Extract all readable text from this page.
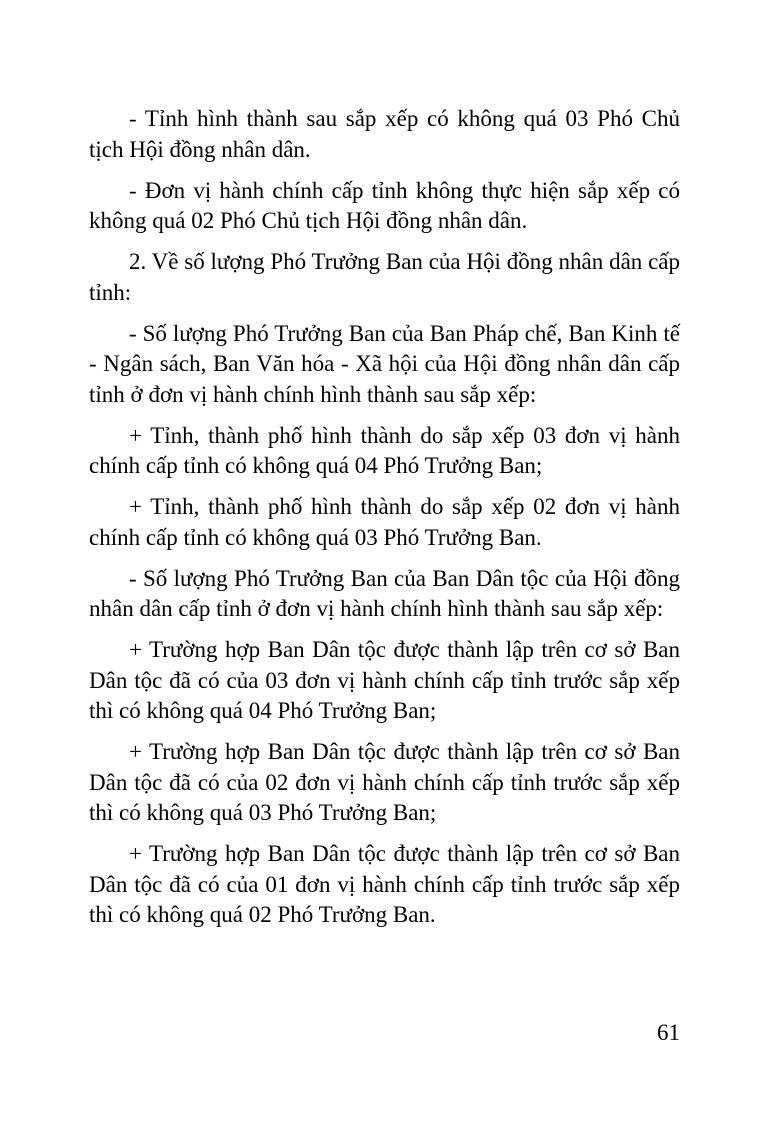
- Tỉnh hình thành sau sắp xếp có không quá 03 Phó Chủ tịch Hội đồng nhân dân.

- Đơn vị hành chính cấp tỉnh không thực hiện sắp xếp có không quá 02 Phó Chủ tịch Hội đồng nhân dân.

2. Về số lượng Phó Trưởng Ban của Hội đồng nhân dân cấp tỉnh:

- Số lượng Phó Trưởng Ban của Ban Pháp chế, Ban Kinh tế - Ngân sách, Ban Văn hóa - Xã hội của Hội đồng nhân dân cấp tỉnh ở đơn vị hành chính hình thành sau sắp xếp:

+ Tỉnh, thành phố hình thành do sắp xếp 03 đơn vị hành chính cấp tỉnh có không quá 04 Phó Trưởng Ban;

+ Tỉnh, thành phố hình thành do sắp xếp 02 đơn vị hành chính cấp tỉnh có không quá 03 Phó Trưởng Ban.

- Số lượng Phó Trưởng Ban của Ban Dân tộc của Hội đồng nhân dân cấp tỉnh ở đơn vị hành chính hình thành sau sắp xếp:

+ Trường hợp Ban Dân tộc được thành lập trên cơ sở Ban Dân tộc đã có của 03 đơn vị hành chính cấp tỉnh trước sắp xếp thì có không quá 04 Phó Trưởng Ban;

+ Trường hợp Ban Dân tộc được thành lập trên cơ sở Ban Dân tộc đã có của 02 đơn vị hành chính cấp tỉnh trước sắp xếp thì có không quá 03 Phó Trưởng Ban;

+ Trường hợp Ban Dân tộc được thành lập trên cơ sở Ban Dân tộc đã có của 01 đơn vị hành chính cấp tỉnh trước sắp xếp thì có không quá 02 Phó Trưởng Ban.

61
